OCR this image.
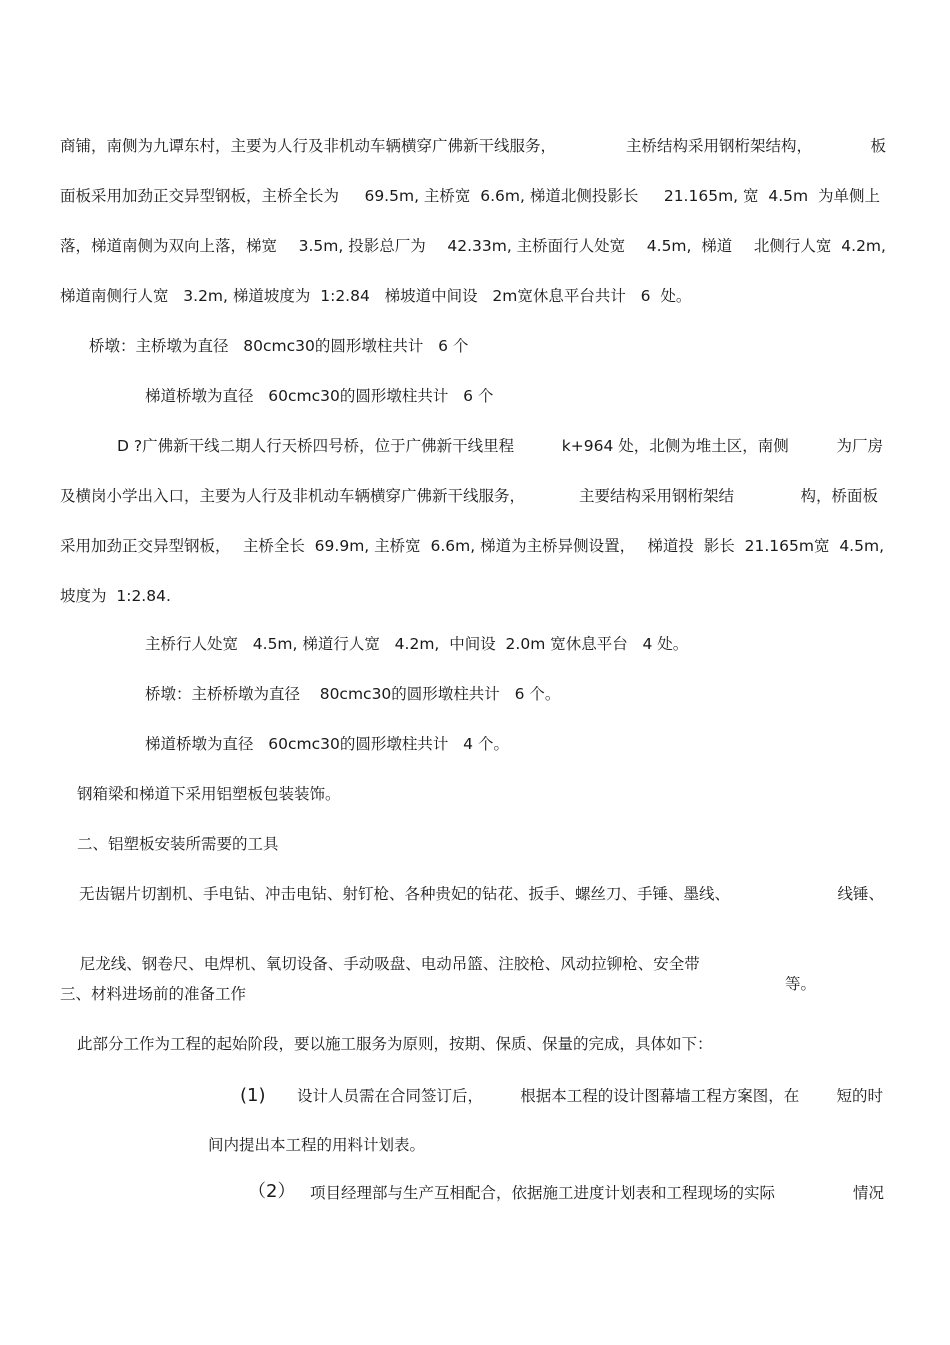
商铺，南侧为九谭东村，主要为人行及非机动车辆横穿广佛新干线服务，	主桥结构采用钢桁架结构，	板
面板采用加劲正交异型钢板，主桥全长为 69.5m, 主桥宽  6.6m, 梯道北侧投影长 21.165m, 宽  4.5m  为单侧上
落，梯道南侧为双向上落，梯宽 3.5m, 投影总厂为 42.33m, 主桥面行人处宽 4.5m,  梯道 北侧行人宽  4.2m,
梯道南侧行人宽   3.2m, 梯道坡度为  1:2.84   梯坡道中间设   2m宽休息平台共计   6  处。
桥墩：主桥墩为直径   80cmc30的圆形墩柱共计   6 个
梯道桥墩为直径   60cmc30的圆形墩柱共计   6 个
D ?广佛新干线二期人行天桥四号桥，位于广佛新干线里程	k+964 处，北侧为堆土区，南侧	为厂房
及横岗小学出入口，主要为人行及非机动车辆横穿广佛新干线服务，	主要结构采用钢桁架结	构，桥面板
采用加劲正交异型钢板， 主桥全长  69.9m, 主桥宽  6.6m, 梯道为主桥异侧设置， 梯道投  影长  21.165m宽  4.5m,
坡度为  1:2.84.
主桥行人处宽   4.5m, 梯道行人宽   4.2m,  中间设  2.0m 宽休息平台   4 处。
桥墩：主桥桥墩为直径    80cmc30的圆形墩柱共计   6 个。
梯道桥墩为直径   60cmc30的圆形墩柱共计   4 个。
钢箱梁和梯道下采用铝塑板包装装饰。
二、铝塑板安装所需要的工具
无齿锯片切割机、手电钻、冲击电钻、射钉枪、各种贵妃的钻花、扳手、螺丝刀、手锤、墨线、	线锤、

尼龙线、钢卷尺、电焊机、氧切设备、手动吸盘、电动吊篮、注胶枪、风动拉铆枪、安全带

等。

三、材料进场前的准备工作
此部分工作为工程的起始阶段，要以施工服务为原则，按期、保质、保量的完成，具体如下：
(1) 设计人员需在合同签订后， 根据本工程的设计图幕墙工程方案图，在 短的时
间内提出本工程的用料计划表。
（2） 项目经理部与生产互相配合，依据施工进度计划表和工程现场的实际	情况
